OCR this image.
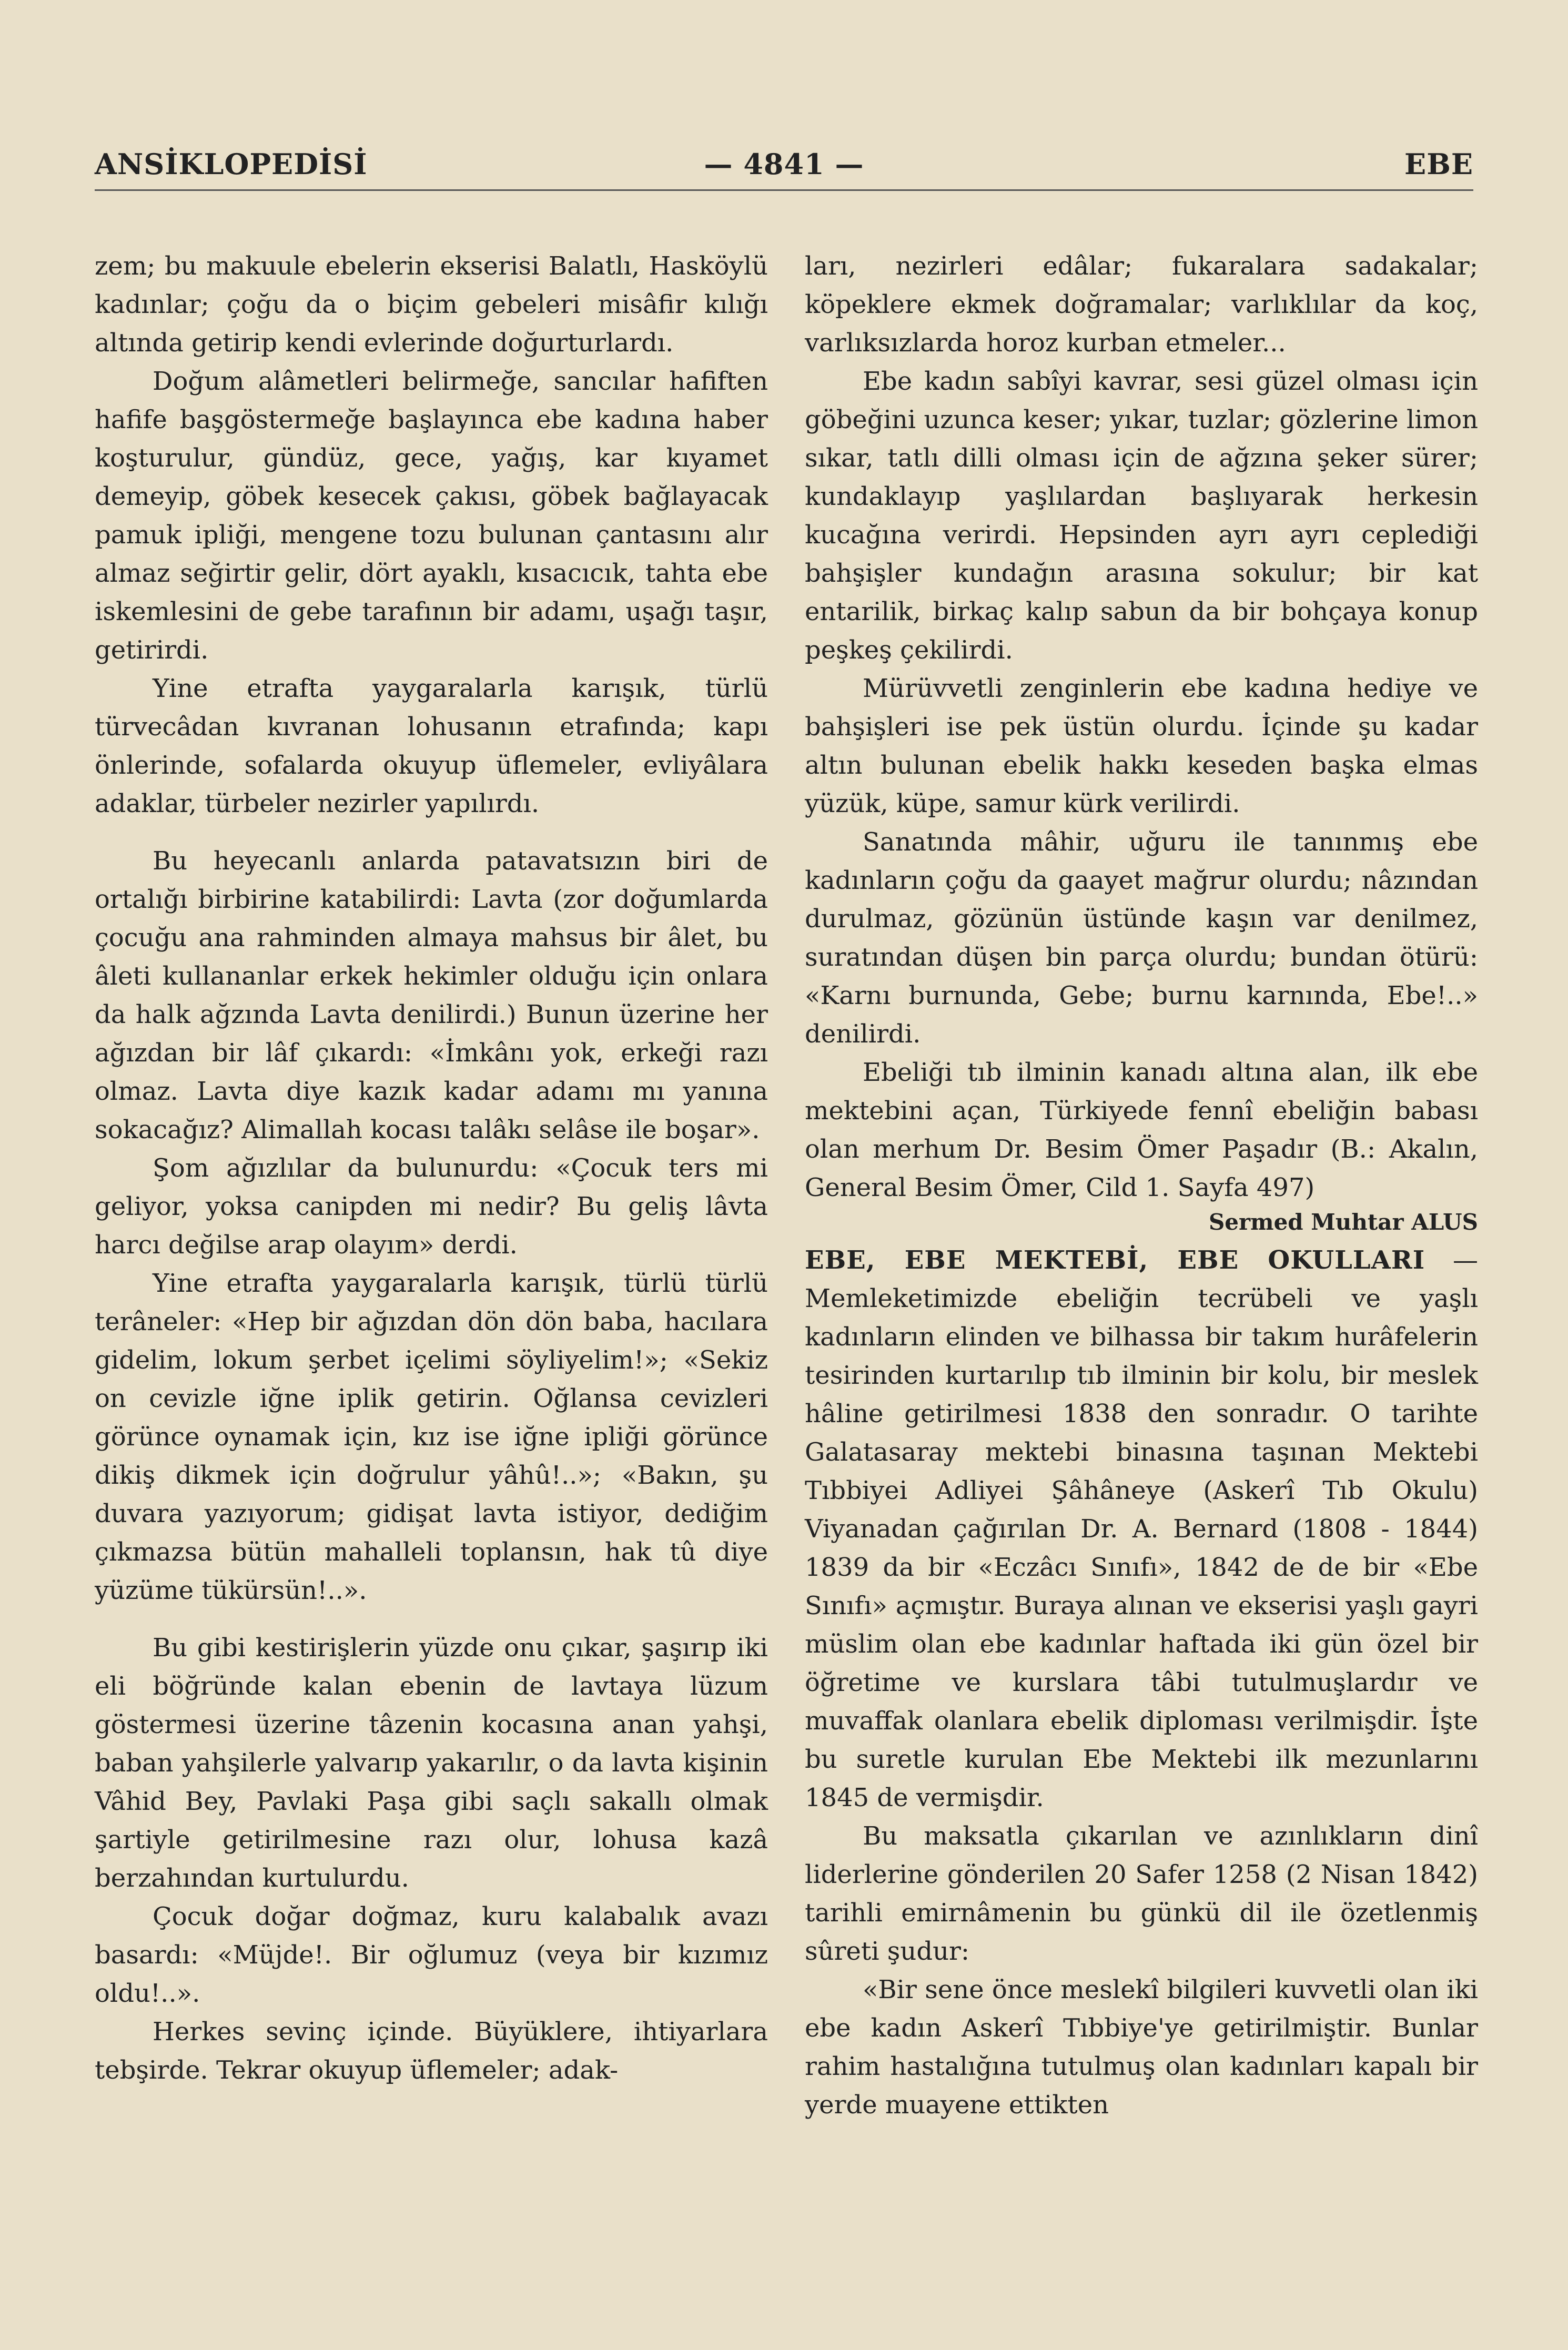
ANSİKLOPEDİSİ	— 4841 —	EBE

zem; bu makuule ebelerin ekserisi Balatlı, Hasköylü kadınlar; çoğu da o biçim gebeleri misâfir kılığı altında getirip kendi evlerinde doğurturlardı.

Doğum alâmetleri belirmeğe, sancılar hafiften hafife başgöstermeğe başlayınca ebe kadına haber koşturulur, gündüz, gece, yağış, kar kıyamet demeyip, göbek kesecek çakısı, göbek bağlayacak pamuk ipliği, mengene tozu bulunan çantasını alır almaz seğirtir gelir, dört ayaklı, kısacıcık, tahta ebe iskemlesini de gebe tarafının bir adamı, uşağı taşır, getirirdi.

Yine etrafta yaygaralarla karışık, türlü türvecâdan kıvranan lohusanın etrafında; kapı önlerinde, sofalarda okuyup üflemeler, evliyâlara adaklar, türbeler nezirler yapılırdı.

Bu heyecanlı anlarda patavatsızın biri de ortalığı birbirine katabilirdi: Lavta (zor doğumlarda çocuğu ana rahminden almaya mahsus bir âlet, bu âleti kullananlar erkek hekimler olduğu için onlara da halk ağzında Lavta denilirdi.) Bunun üzerine her ağızdan bir lâf çıkardı: «İmkânı yok, erkeği razı olmaz. Lavta diye kazık kadar adamı mı yanına sokacağız? Alimallah kocası talâkı selâse ile boşar».

Şom ağızlılar da bulunurdu: «Çocuk ters mi geliyor, yoksa canipden mi nedir? Bu geliş lâvta harcı değilse arap olayım» derdi.

Yine etrafta yaygaralarla karışık, türlü türlü terâneler: «Hep bir ağızdan dön dön baba, hacılara gidelim, lokum şerbet içelimi söyliyelim!»; «Sekiz on cevizle iğne iplik getirin. Oğlansa cevizleri görünce oynamak için, kız ise iğne ipliği görünce dikiş dikmek için doğrulur yâhû!..»; «Bakın, şu duvara yazıyorum; gidişat lavta istiyor, dediğim çıkmazsa bütün mahalleli toplansın, hak tû diye yüzüme tükürsün!..».

Bu gibi kestirişlerin yüzde onu çıkar, şaşırıp iki eli böğründe kalan ebenin de lavtaya lüzum göstermesi üzerine tâzenin kocasına anan yahşi, baban yahşilerle yalvarıp yakarılır, o da lavta kişinin Vâhid Bey, Pavlaki Paşa gibi saçlı sakallı olmak şartiyle getirilmesine razı olur, lohusa kazâ berzahından kurtulurdu.

Çocuk doğar doğmaz, kuru kalabalık avazı basardı: «Müjde!. Bir oğlumuz (veya bir kızımız oldu!..».

Herkes sevinç içinde. Büyüklere, ihtiyarlara tebşirde. Tekrar okuyup üflemeler; adak-

ları, nezirleri edâlar; fukaralara sadakalar; köpeklere ekmek doğramalar; varlıklılar da koç, varlıksızlarda horoz kurban etmeler...

Ebe kadın sabîyi kavrar, sesi güzel olması için göbeğini uzunca keser; yıkar, tuzlar; gözlerine limon sıkar, tatlı dilli olması için de ağzına şeker sürer; kundaklayıp yaşlılardan başlıyarak herkesin kucağına verirdi. Hepsinden ayrı ayrı ceplediği bahşişler kundağın arasına sokulur; bir kat entarilik, birkaç kalıp sabun da bir bohçaya konup peşkeş çekilirdi.

Mürüvvetli zenginlerin ebe kadına hediye ve bahşişleri ise pek üstün olurdu. İçinde şu kadar altın bulunan ebelik hakkı keseden başka elmas yüzük, küpe, samur kürk verilirdi.

Sanatında mâhir, uğuru ile tanınmış ebe kadınların çoğu da gaayet mağrur olurdu; nâzından durulmaz, gözünün üstünde kaşın var denilmez, suratından düşen bin parça olurdu; bundan ötürü: «Karnı burnunda, Gebe; burnu karnında, Ebe!..» denilirdi.

Ebeliği tıb ilminin kanadı altına alan, ilk ebe mektebini açan, Türkiyede fennî ebeliğin babası olan merhum Dr. Besim Ömer Paşadır (B.: Akalın, General Besim Ömer, Cild 1. Sayfa 497)

Sermed Muhtar ALUS

EBE, EBE MEKTEBİ, EBE OKULLARI — Memleketimizde ebeliğin tecrübeli ve yaşlı kadınların elinden ve bilhassa bir takım hurâfelerin tesirinden kurtarılıp tıb ilminin bir kolu, bir meslek hâline getirilmesi 1838 den sonradır. O tarihte Galatasaray mektebi binasına taşınan Mektebi Tıbbiyei Adliyei Şâhâneye (Askerî Tıb Okulu) Viyanadan çağırılan Dr. A. Bernard (1808 - 1844) 1839 da bir «Eczâcı Sınıfı», 1842 de de bir «Ebe Sınıfı» açmıştır. Buraya alınan ve ekserisi yaşlı gayri müslim olan ebe kadınlar haftada iki gün özel bir öğretime ve kurslara tâbi tutulmuşlardır ve muvaffak olanlara ebelik diploması verilmişdir. İşte bu suretle kurulan Ebe Mektebi ilk mezunlarını 1845 de vermişdir.

Bu maksatla çıkarılan ve azınlıkların dinî liderlerine gönderilen 20 Safer 1258 (2 Nisan 1842) tarihli emirnâmenin bu günkü dil ile özetlenmiş sûreti şudur:

«Bir sene önce meslekî bilgileri kuvvetli olan iki ebe kadın Askerî Tıbbiye'ye getirilmiştir. Bunlar rahim hastalığına tutulmuş olan kadınları kapalı bir yerde muayene ettikten
